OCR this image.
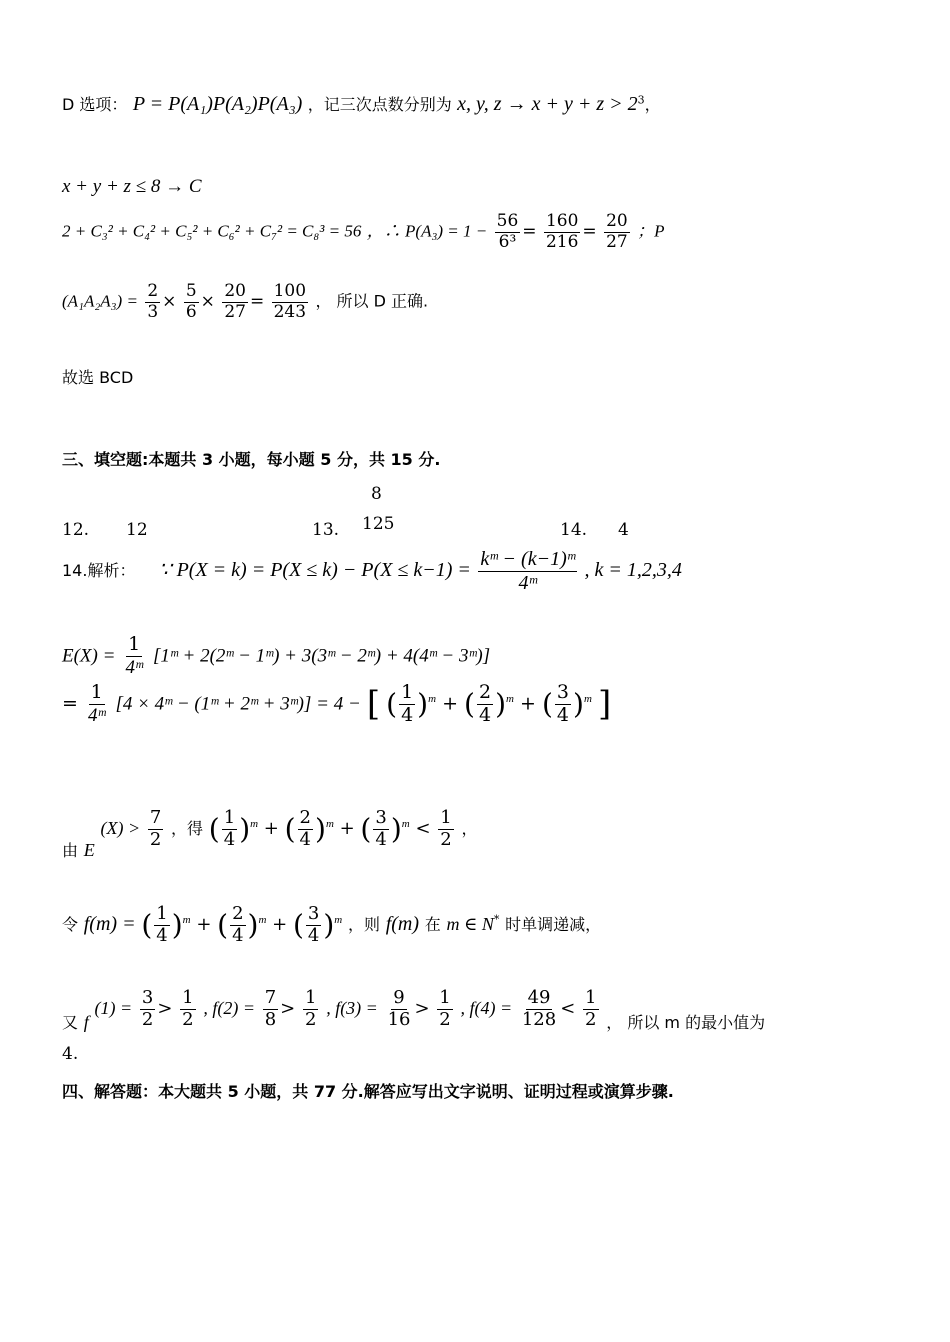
D 选项： P = P(A₁)P(A₂)P(A₃) ，记三次点数分别为 x, y, $z \to x + y + z > 2^3$，
x + y + z ≤ 8 → C
2 + C₃² + C₄² + C₅² + C₆² + C₇² = C₈³ = 56 ，∴ $P(A_3) = 1 - \frac{56}{\text{6³}} = \frac{160}{216} = \frac{20}{27}$ ；P
$(A_1A_2A_3) = \frac{2}{3} \times \frac{5}{6} \times \frac{20}{27} = \frac{100}{243}$ ， 所以 D 正确.
故选 BCD
三、填空题:本题共 3 小题，每小题 5 分，共 15 分.
12. 12	13.
8
125	14. 4
14.解析： ∵ $P(X = k) = P(X \le k) - P(X \le k-1) = \frac{\text{kᵐ − (k−1)ᵐ}}{\text{4ᵐ}}$ , k = 1,2,3,4
$E(X) = \frac{1}{\text{4ᵐ}}$ [1ᵐ + 2(2ᵐ − 1ᵐ) + 3(3ᵐ − 2ᵐ) + 4(4ᵐ − 3ᵐ)]
= $\frac{1}{\text{4ᵐ}} [4$ × 4ᵐ − (1ᵐ + 2ᵐ + 3ᵐ)] = 4 − [ ( $\frac{1}{4} )^m$ + ( $\frac{2}{4} )^m$ + ( $\frac{3}{4} )^m$ ]
由 E $(X) > \frac{7}{2}$ ，得 ( $\frac{1}{4} )^m$ + ( $\frac{2}{4} )^m$ + ( $\frac{3}{4} )^m < \frac{1}{2}$ ，
令 f(m) = ( $\frac{1}{4} )^m$ + ( $\frac{2}{4} )^m$ + ( $\frac{3}{4} )^m$ ，则 f(m) 在 m ∈ N* 时单调递减，
又 f $(1) = \frac{3}{2} > \frac{1}{2}$ , $f(2) = \frac{7}{8} > \frac{1}{2}$ , $f(3) = \frac{9}{16} > \frac{1}{2}$ , $f(4) = \frac{49}{128} < \frac{1}{2}$ ， 所以 m 的最小值为
4.
四、解答题：本大题共 5 小题，共 77 分.解答应写出文字说明、证明过程或演算步骤.
